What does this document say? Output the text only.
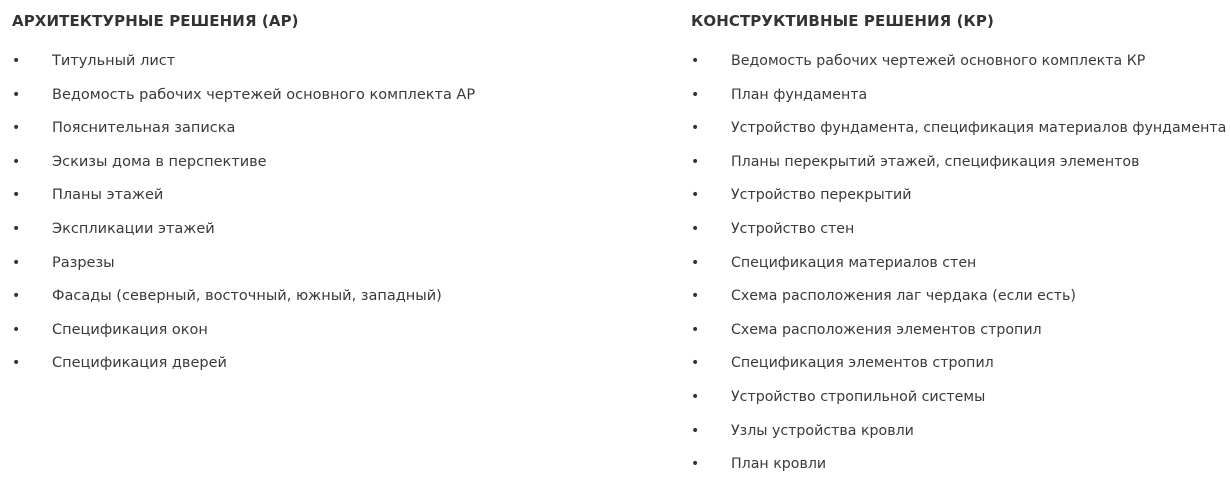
АРХИТЕКТУРНЫЕ РЕШЕНИЯ (АР)
• Титульный лист
• Ведомость рабочих чертежей основного комплекта АР
• Пояснительная записка
• Эскизы дома в перспективе
• Планы этажей
• Экспликации этажей
• Разрезы
• Фасады (северный, восточный, южный, западный)
• Спецификация окон
• Спецификация дверей
КОНСТРУКТИВНЫЕ РЕШЕНИЯ (КР)
• Ведомость рабочих чертежей основного комплекта КР
• План фундамента
• Устройство фундамента, спецификация материалов фундамента
• Планы перекрытий этажей, спецификация элементов
• Устройство перекрытий
• Устройство стен
• Спецификация материалов стен
• Схема расположения лаг чердака (если есть)
• Схема расположения элементов стропил
• Спецификация элементов стропил
• Устройство стропильной системы
• Узлы устройства кровли
• План кровли
